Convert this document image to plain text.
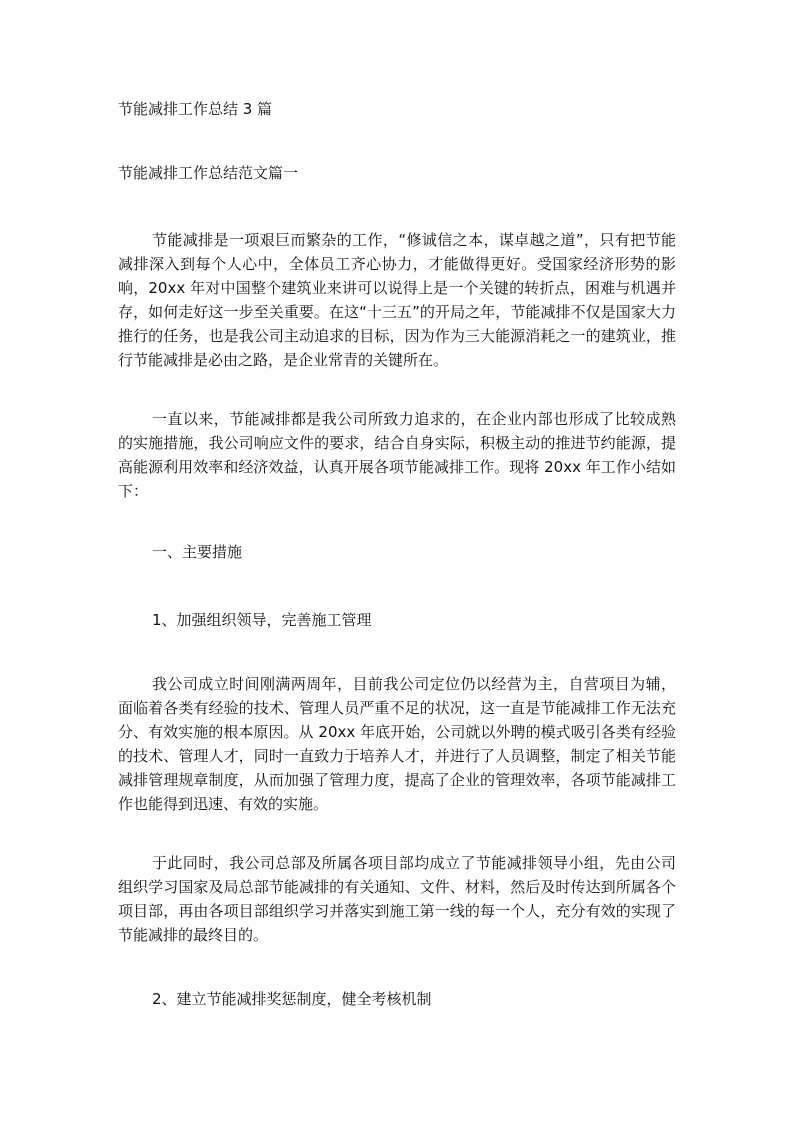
节能减排工作总结 3 篇

节能减排工作总结范文篇一

节能减排是一项艰巨而繁杂的工作，“修诚信之本，谋卓越之道”，只有把节能减排深入到每个人心中，全体员工齐心协力，才能做得更好。受国家经济形势的影响，20xx 年对中国整个建筑业来讲可以说得上是一个关键的转折点，困难与机遇并存，如何走好这一步至关重要。在这“十三五”的开局之年，节能减排不仅是国家大力推行的任务，也是我公司主动追求的目标，因为作为三大能源消耗之一的建筑业，推行节能减排是必由之路，是企业常青的关键所在。

一直以来，节能减排都是我公司所致力追求的，在企业内部也形成了比较成熟的实施措施，我公司响应文件的要求，结合自身实际，积极主动的推进节约能源，提高能源利用效率和经济效益，认真开展各项节能减排工作。现将 20xx 年工作小结如下：

一、主要措施

1、加强组织领导，完善施工管理

我公司成立时间刚满两周年，目前我公司定位仍以经营为主，自营项目为辅，面临着各类有经验的技术、管理人员严重不足的状况，这一直是节能减排工作无法充分、有效实施的根本原因。从 20xx 年底开始，公司就以外聘的模式吸引各类有经验的技术、管理人才，同时一直致力于培养人才，并进行了人员调整，制定了相关节能减排管理规章制度，从而加强了管理力度，提高了企业的管理效率，各项节能减排工作也能得到迅速、有效的实施。

于此同时，我公司总部及所属各项目部均成立了节能减排领导小组，先由公司组织学习国家及局总部节能减排的有关通知、文件、材料，然后及时传达到所属各个项目部，再由各项目部组织学习并落实到施工第一线的每一个人，充分有效的实现了节能减排的最终目的。

2、建立节能减排奖惩制度，健全考核机制
